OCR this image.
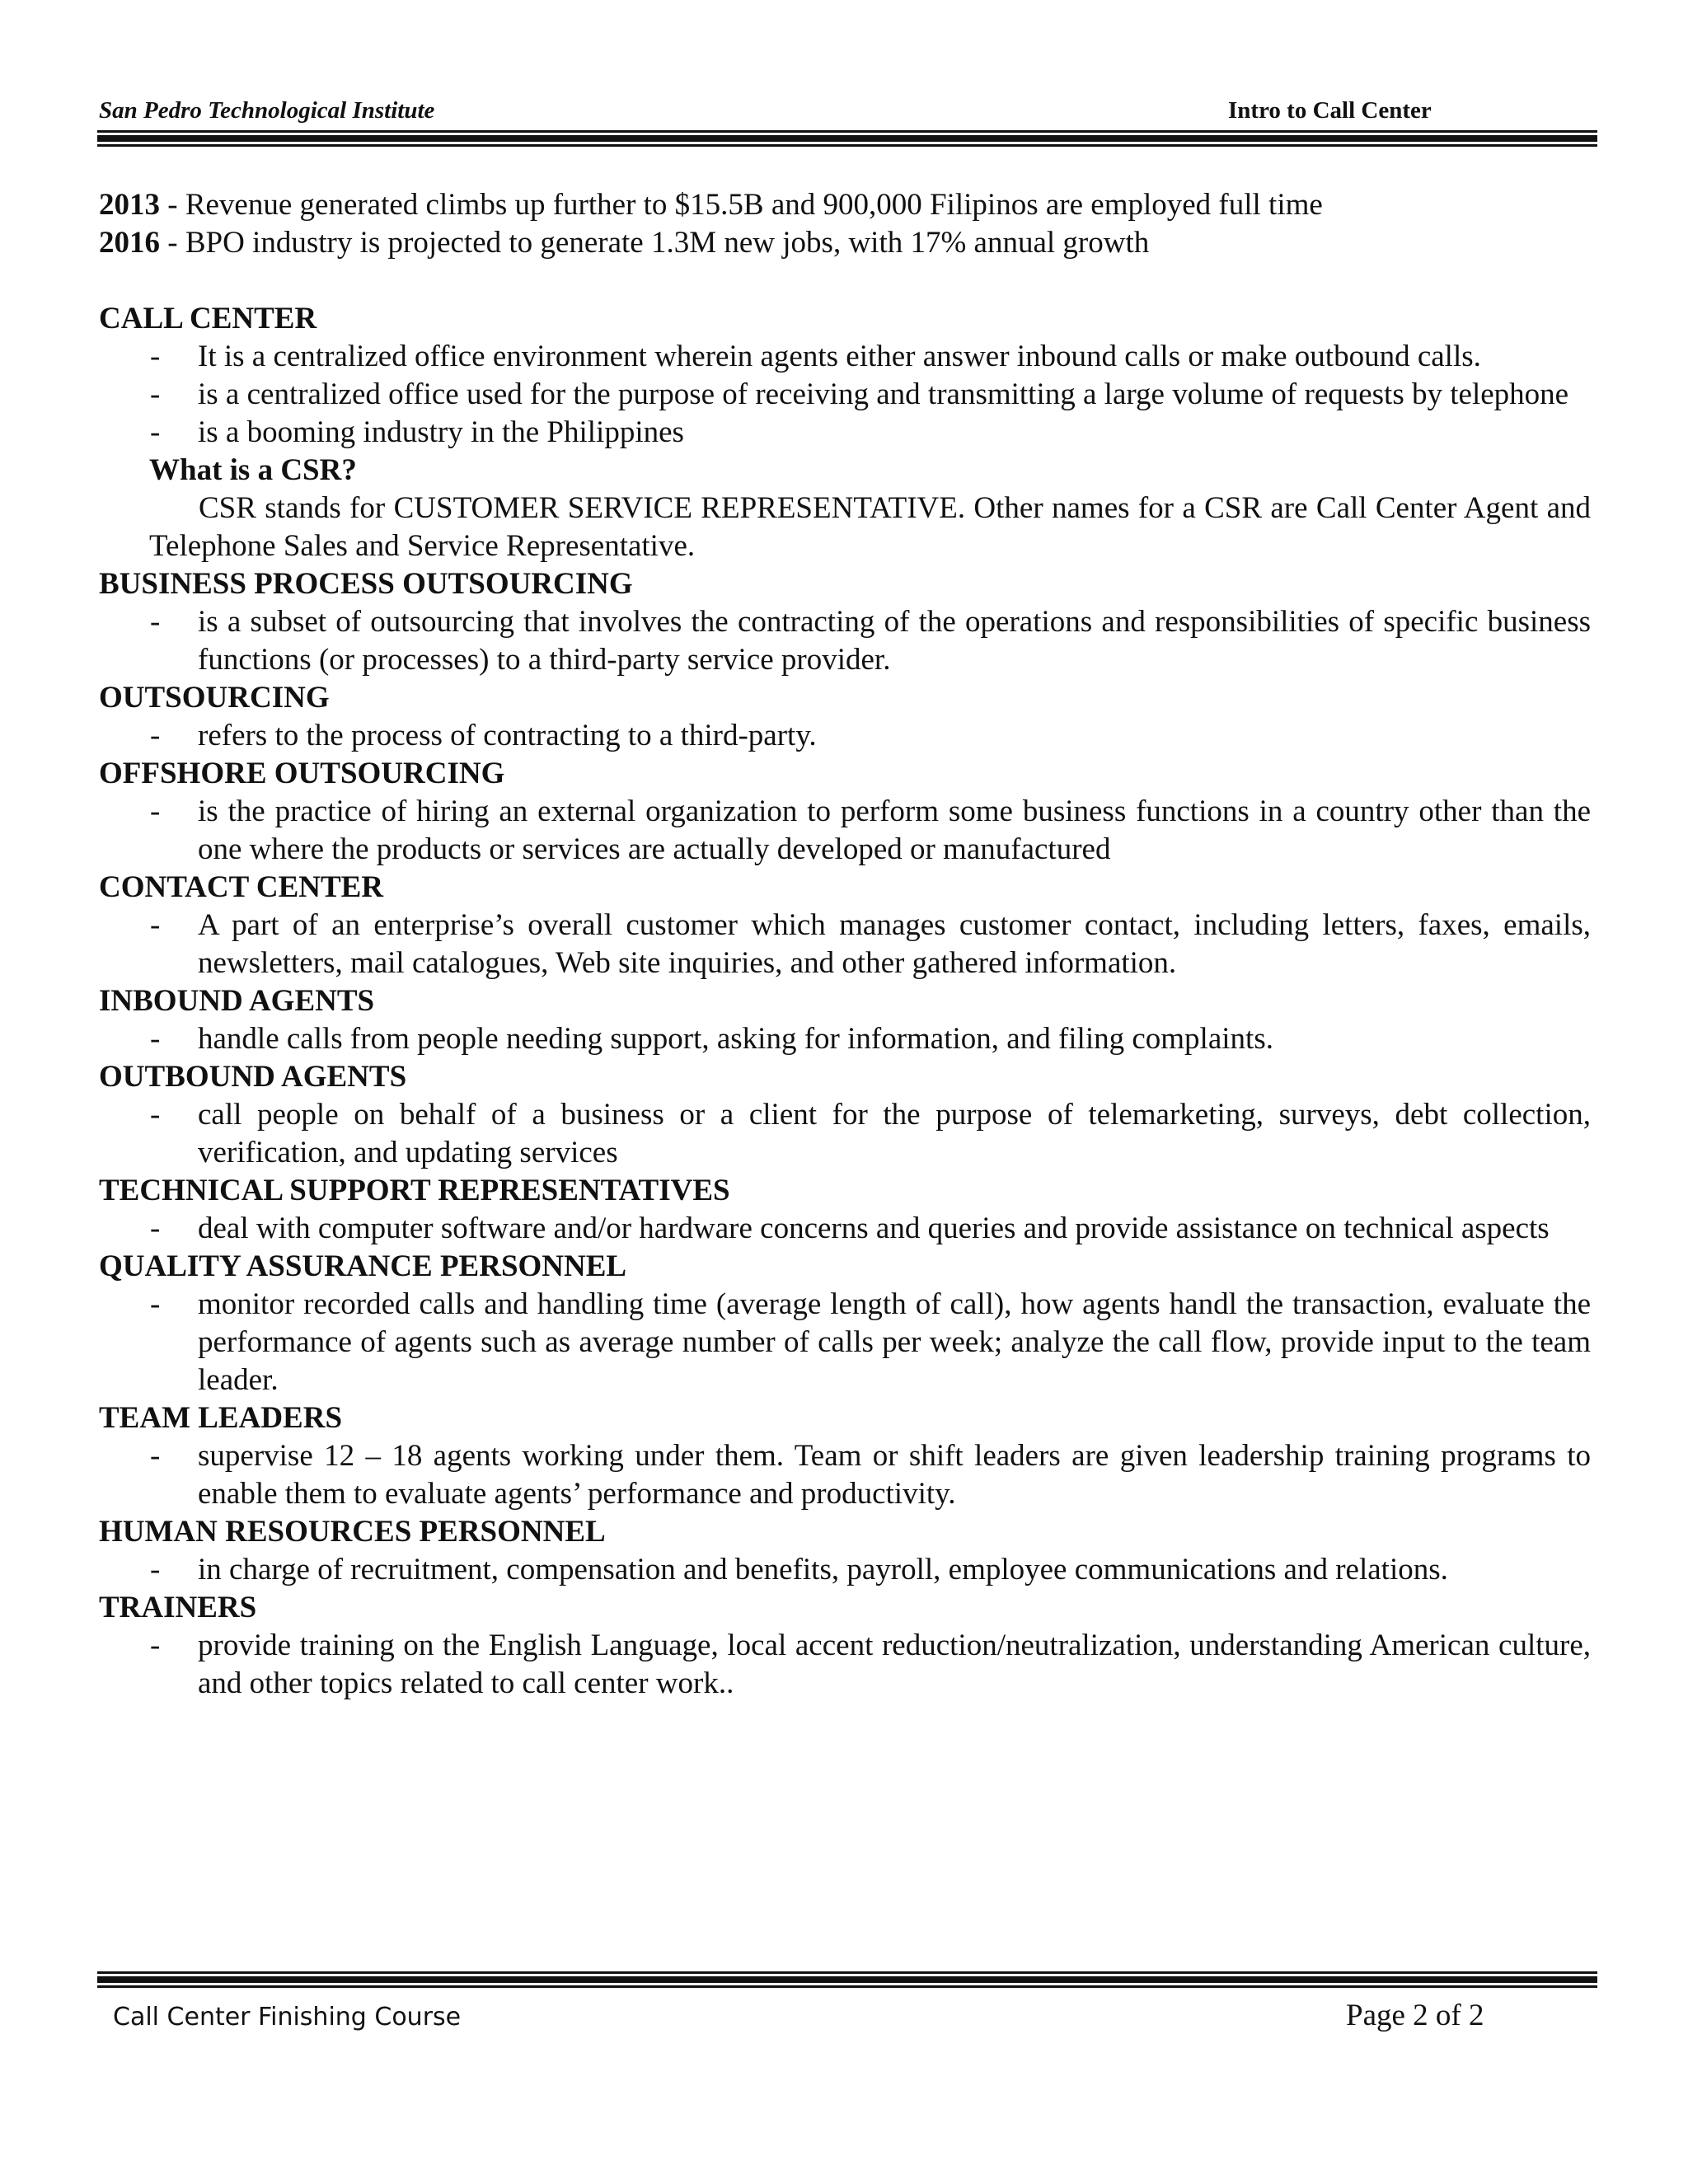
San Pedro Technological Institute	Intro to Call Center
2013 - Revenue generated climbs up further to $15.5B and 900,000 Filipinos are employed full time
2016 - BPO industry is projected to generate 1.3M new jobs, with 17% annual growth
CALL CENTER
-	It is a centralized office environment wherein agents either answer inbound calls or make outbound calls.
-	is a centralized office used for the purpose of receiving and transmitting a large volume of requests by telephone
-	is a booming industry in the Philippines
What is a CSR?
CSR stands for CUSTOMER SERVICE REPRESENTATIVE. Other names for a CSR are Call Center Agent and Telephone Sales and Service Representative.
BUSINESS PROCESS OUTSOURCING
-	is a subset of outsourcing that involves the contracting of the operations and responsibilities of specific business functions (or processes) to a third-party service provider.
OUTSOURCING
-	refers to the process of contracting to a third-party.
OFFSHORE OUTSOURCING
-	is the practice of hiring an external organization to perform some business functions in a country other than the one where the products or services are actually developed or manufactured
CONTACT CENTER
-	A part of an enterprise’s overall customer which manages customer contact, including letters, faxes, emails, newsletters, mail catalogues, Web site inquiries, and other gathered information.
INBOUND AGENTS
-	handle calls from people needing support, asking for information, and filing complaints.
OUTBOUND AGENTS
-	call people on behalf of a business or a client for the purpose of telemarketing, surveys, debt collection, verification, and updating services
TECHNICAL SUPPORT REPRESENTATIVES
-	deal with computer software and/or hardware concerns and queries and provide assistance on technical aspects
QUALITY ASSURANCE PERSONNEL
-	monitor recorded calls and handling time (average length of call), how agents handl the transaction, evaluate the performance of agents such as average number of calls per week; analyze the call flow, provide input to the team leader.
TEAM LEADERS
-	supervise 12 – 18 agents working under them. Team or shift leaders are given leadership training programs to enable them to evaluate agents’ performance and productivity.
HUMAN RESOURCES PERSONNEL
-	in charge of recruitment, compensation and benefits, payroll, employee communications and relations.
TRAINERS
-	provide training on the English Language, local accent reduction/neutralization, understanding American culture, and other topics related to call center work..
Call Center Finishing Course	Page 2 of 2
